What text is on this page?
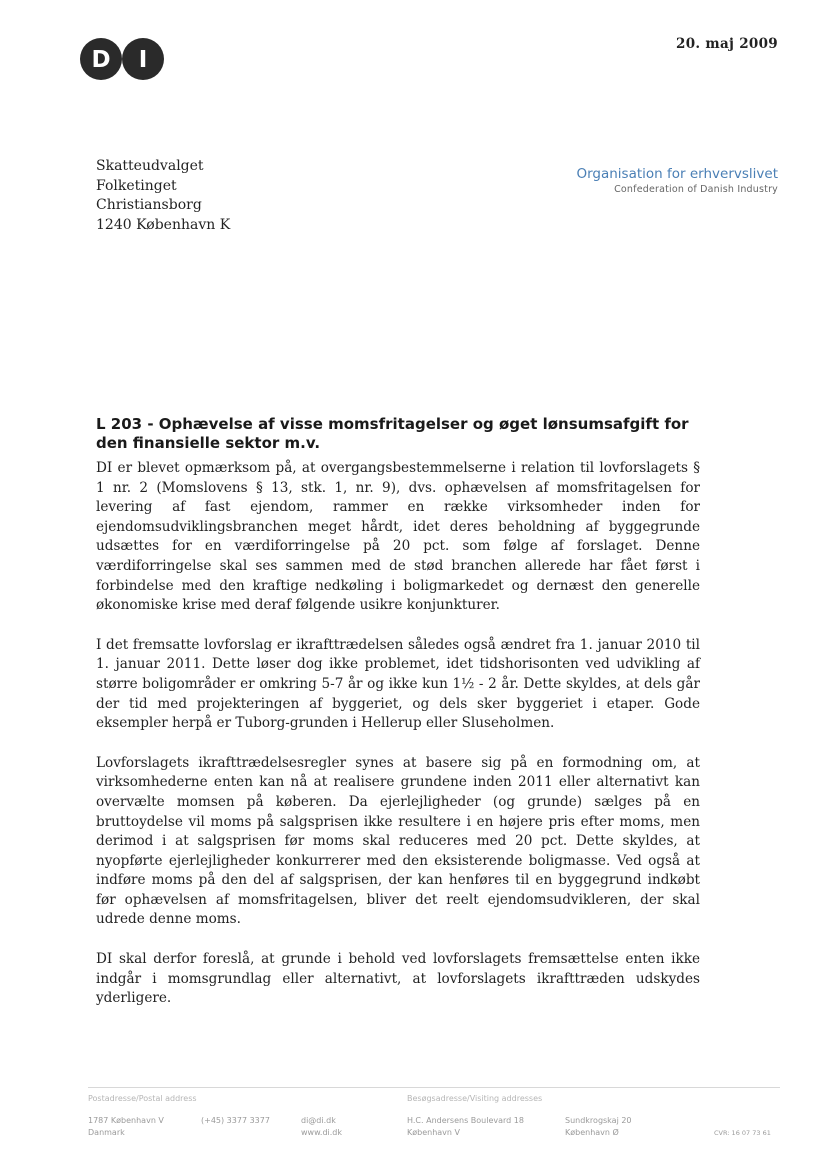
D I
20. maj 2009
Skatteudvalget
Folketinget
Christiansborg
1240 København K
Organisation for erhvervslivet
Confederation of Danish Industry
L 203 - Ophævelse af visse momsfritagelser og øget lønsumsafgift for den finansielle sektor m.v.

DI er blevet opmærksom på, at overgangsbestemmelserne i relation til lovforslagets § 1 nr. 2 (Momslovens § 13, stk. 1, nr. 9), dvs. ophævelsen af momsfritagelsen for levering af fast ejendom, rammer en række virksomheder inden for ejendomsudviklingsbranchen meget hårdt, idet deres beholdning af byggegrunde udsættes for en værdiforringelse på 20 pct. som følge af forslaget. Denne værdiforringelse skal ses sammen med de stød branchen allerede har fået først i forbindelse med den kraftige nedkøling i boligmarkedet og dernæst den generelle økonomiske krise med deraf følgende usikre konjunkturer.

I det fremsatte lovforslag er ikrafttrædelsen således også ændret fra 1. januar 2010 til 1. januar 2011. Dette løser dog ikke problemet, idet tidshorisonten ved udvikling af større boligområder er omkring 5-7 år og ikke kun 1½ - 2 år. Dette skyldes, at dels går der tid med projekteringen af byggeriet, og dels sker byggeriet i etaper. Gode eksempler herpå er Tuborg-grunden i Hellerup eller Sluseholmen.

Lovforslagets ikrafttrædelsesregler synes at basere sig på en formodning om, at virksomhederne enten kan nå at realisere grundene inden 2011 eller alternativt kan overvælte momsen på køberen. Da ejerlejligheder (og grunde) sælges på en bruttoydelse vil moms på salgsprisen ikke resultere i en højere pris efter moms, men derimod i at salgsprisen før moms skal reduceres med 20 pct. Dette skyldes, at nyopførte ejerlejligheder konkurrerer med den eksisterende boligmasse. Ved også at indføre moms på den del af salgsprisen, der kan henføres til en byggegrund indkøbt før ophævelsen af momsfritagelsen, bliver det reelt ejendomsudvikleren, der skal udrede denne moms.

DI skal derfor foreslå, at grunde i behold ved lovforslagets fremsættelse enten ikke indgår i momsgrundlag eller alternativt, at lovforslagets ikrafttræden udskydes yderligere.

Postadresse/Postal address
1787 København V
Danmark
(+45) 3377 3377	di@di.dk
www.di.dk
Besøgsadresse/Visiting addresses
H.C. Andersens Boulevard 18
København V
Sundkrogskaj 20
København Ø	CVR: 16 07 73 61
